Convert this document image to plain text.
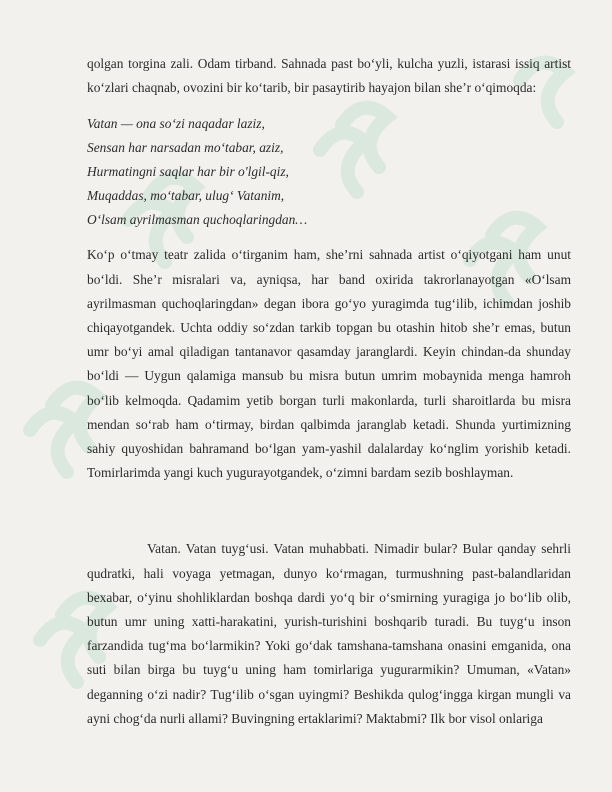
qolgan torgina zali. Odam tirband. Sahnada past bo‘yli, kulcha yuzli, istarasi issiq artist ko‘zlari chaqnab, ovozini bir ko‘tarib, bir pasaytirib hayajon bilan she’r o‘qimoqda:

Vatan — ona so‘zi naqadar laziz,
Sensan har narsadan mo‘tabar, aziz,
Hurmatingni saqlar har bir o'lgil-qiz,
Muqaddas, mo‘tabar, ulug‘ Vatanim,
O‘lsam ayrilmasman quchoqlaringdan…

Ko‘p o‘tmay teatr zalida o‘tirganim ham, she’rni sahnada artist o‘qiyotgani ham unut bo‘ldi. She’r misralari va, ayniqsa, har band oxirida takrorlanayotgan «O‘lsam ayrilmasman quchoqlaringdan» degan ibora go‘yo yuragimda tug‘ilib, ichimdan joshib chiqayotgandek. Uchta oddiy so‘zdan tarkib topgan bu otashin hitob she’r emas, butun umr bo‘yi amal qiladigan tantanavor qasamday jaranglardi. Keyin chindan-da shunday bo‘ldi — Uygun qalamiga mansub bu misra butun umrim mobaynida menga hamroh bo‘lib kelmoqda. Qadamim yetib borgan turli makonlarda, turli sharoitlarda bu misra mendan so‘rab ham o‘tirmay, birdan qalbimda jaranglab ketadi. Shunda yurtimizning sahiy quyoshidan bahramand bo‘lgan yam-yashil dalalarday ko‘nglim yorishib ketadi. Tomirlarimda yangi kuch yugurayotgandek, o‘zimni bardam sezib boshlayman.

Vatan. Vatan tuyg‘usi. Vatan muhabbati. Nimadir bular? Bular qanday sehrli qudratki, hali voyaga yetmagan, dunyo ko‘rmagan, turmushning past-balandlaridan bexabar, o‘yinu shohliklardan boshqa dardi yo‘q bir o‘smirning yuragiga jo bo‘lib olib, butun umr uning xatti-harakatini, yurish-turishini boshqarib turadi. Bu tuyg‘u inson farzandida tug‘ma bo‘larmikin? Yoki go‘dak tamshana-tamshana onasini emganida, ona suti bilan birga bu tuyg‘u uning ham tomirlariga yugurarmikin? Umuman, «Vatan» deganning o‘zi nadir? Tug‘ilib o‘sgan uyingmi? Beshikda qulog‘ingga kirgan mungli va ayni chog‘da nurli allami? Buvingning ertaklarimi? Maktabmi? Ilk bor visol onlariga
